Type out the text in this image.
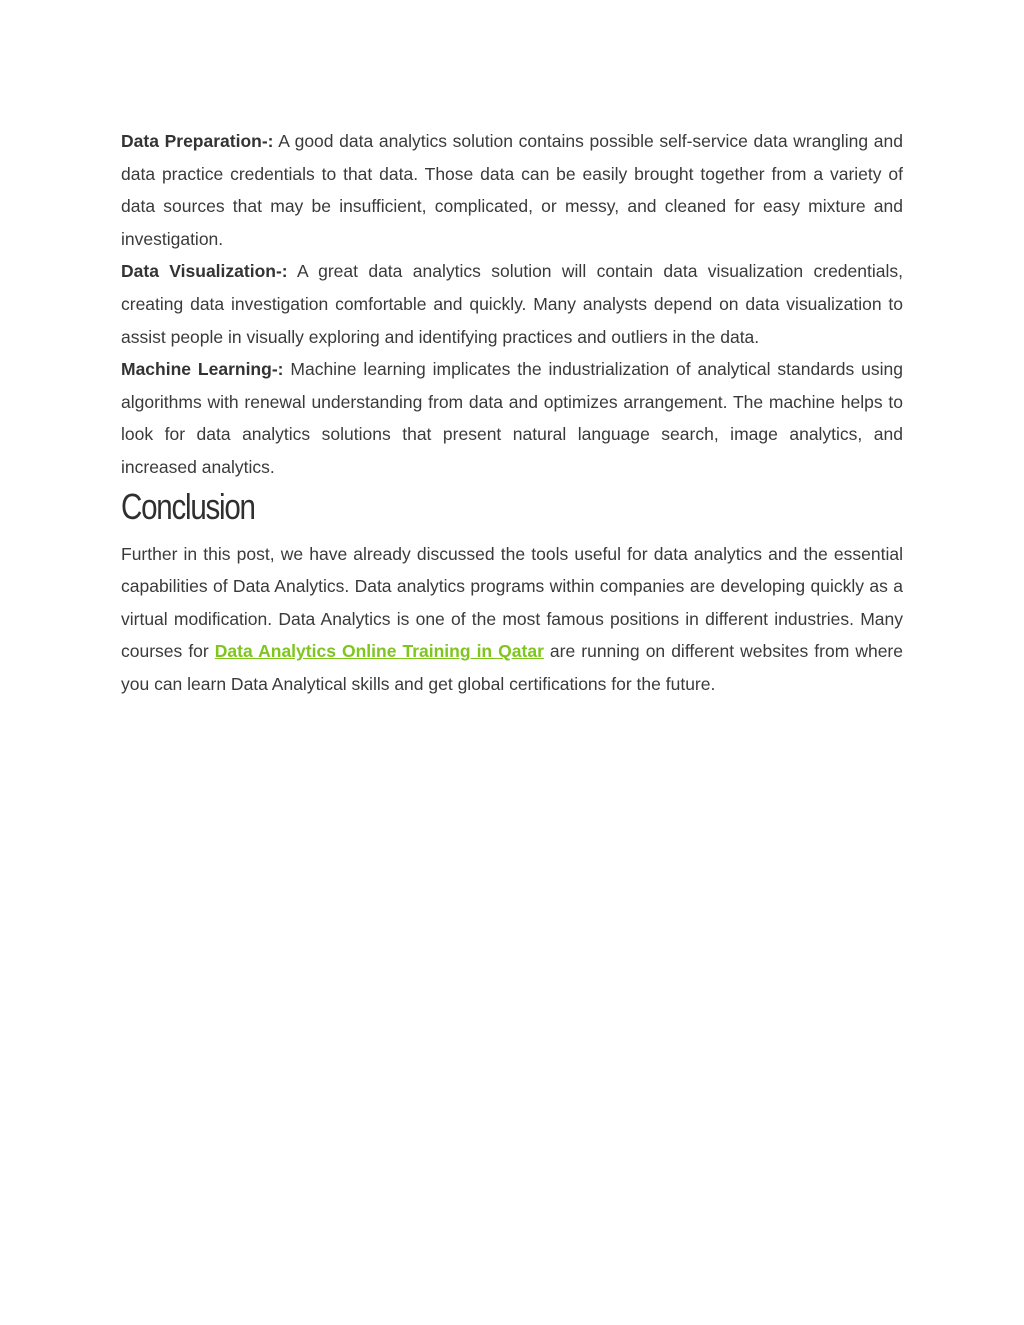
Data Preparation-: A good data analytics solution contains possible self-service data wrangling and data practice credentials to that data. Those data can be easily brought together from a variety of data sources that may be insufficient, complicated, or messy, and cleaned for easy mixture and investigation.

Data Visualization-: A great data analytics solution will contain data visualization credentials, creating data investigation comfortable and quickly. Many analysts depend on data visualization to assist people in visually exploring and identifying practices and outliers in the data.

Machine Learning-: Machine learning implicates the industrialization of analytical standards using algorithms with renewal understanding from data and optimizes arrangement. The machine helps to look for data analytics solutions that present natural language search, image analytics, and increased analytics.

Conclusion

Further in this post, we have already discussed the tools useful for data analytics and the essential capabilities of Data Analytics. Data analytics programs within companies are developing quickly as a virtual modification. Data Analytics is one of the most famous positions in different industries. Many courses for Data Analytics Online Training in Qatar are running on different websites from where you can learn Data Analytical skills and get global certifications for the future.
